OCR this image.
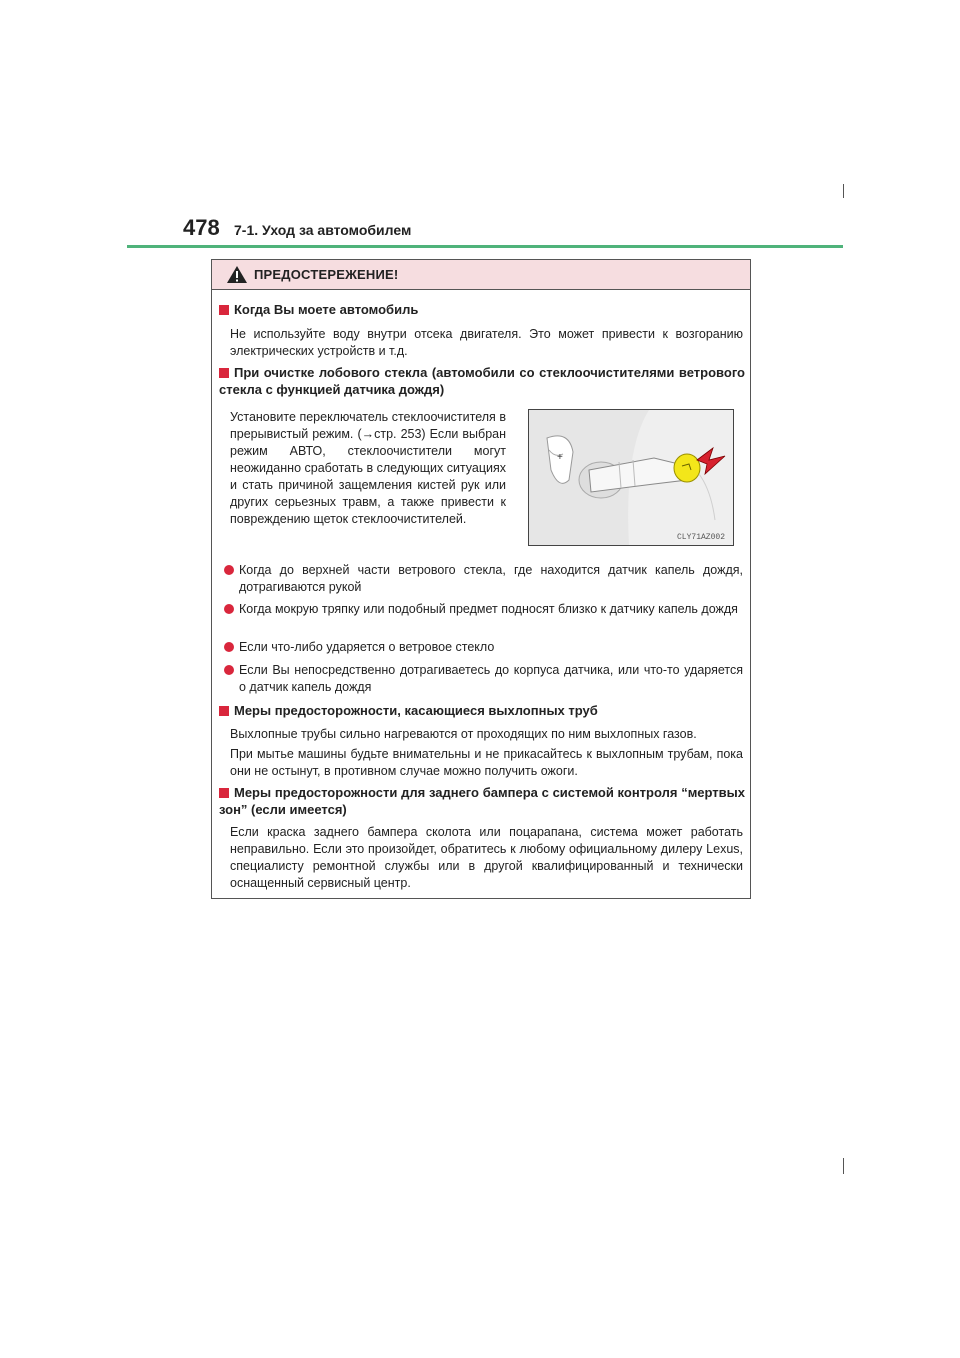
478 7-1. Уход за автомобилем
ПРЕДОСТЕРЕЖЕНИЕ!
Когда Вы моете автомобиль
Не используйте воду внутри отсека двигателя. Это может привести к возгоранию электрических устройств и т.д.
При очистке лобового стекла (автомобили со стеклоочистителями ветрового стекла с функцией датчика дождя)
Установите переключатель стеклоочистителя в прерывистый режим. (→стр. 253) Если выбран режим АВТО, стеклоочистители могут неожиданно сработать в следующих ситуациях и стать причиной защемления кистей рук или других серьезных травм, а также привести к повреждению щеток стеклоочистителей.
+
CLY71AZ002
Когда до верхней части ветрового стекла, где находится датчик капель дождя, дотрагиваются рукой
Когда мокрую тряпку или подобный предмет подносят близко к датчику капель дождя
Если что-либо ударяется о ветровое стекло
Если Вы непосредственно дотрагиваетесь до корпуса датчика, или что-то ударяется о датчик капель дождя
Меры предосторожности, касающиеся выхлопных труб
Выхлопные трубы сильно нагреваются от проходящих по ним выхлопных газов.
При мытье машины будьте внимательны и не прикасайтесь к выхлопным трубам, пока они не остынут, в противном случае можно получить ожоги.
Меры предосторожности для заднего бампера с системой контроля “мертвых зон” (если имеется)
Если краска заднего бампера сколота или поцарапана, система может работать неправильно. Если это произойдет, обратитесь к любому официальному дилеру Lexus, специалисту ремонтной службы или в другой квалифицированный и технически оснащенный сервисный центр.
